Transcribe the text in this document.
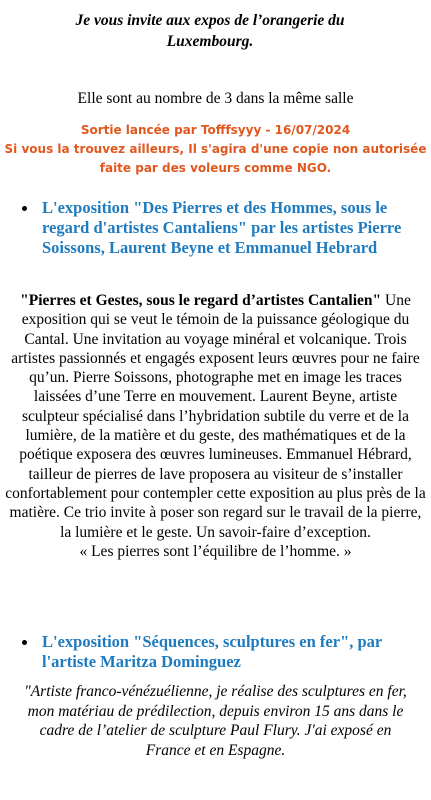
Je vous invite aux expos de l’orangerie du Luxembourg.

Elle sont au nombre de 3 dans la même salle

Sortie lancée par Tofffsyyy - 16/07/2024
Si vous la trouvez ailleurs, Il s'agira d'une copie non autorisée faite par des voleurs comme NGO.
L'exposition "Des Pierres et des Hommes, sous le regard d'artistes Cantaliens" par les artistes Pierre Soissons, Laurent Beyne et Emmanuel Hebrard
"Pierres et Gestes, sous le regard d’artistes Cantalien" Une exposition qui se veut le témoin de la puissance géologique du Cantal. Une invitation au voyage minéral et volcanique. Trois artistes passionnés et engagés exposent leurs œuvres pour ne faire qu’un. Pierre Soissons, photographe met en image les traces laissées d’une Terre en mouvement. Laurent Beyne, artiste sculpteur spécialisé dans l’hybridation subtile du verre et de la lumière, de la matière et du geste, des mathématiques et de la poétique exposera des œuvres lumineuses. Emmanuel Hébrard, tailleur de pierres de lave proposera au visiteur de s’installer confortablement pour contempler cette exposition au plus près de la matière. Ce trio invite à poser son regard sur le travail de la pierre, la lumière et le geste. Un savoir-faire d’exception.
« Les pierres sont l’équilibre de l’homme. »
L'exposition "Séquences, sculptures en fer", par l'artiste Maritza Dominguez

"Artiste franco-vénézuélienne, je réalise des sculptures en fer, mon matériau de prédilection, depuis environ 15 ans dans le cadre de l’atelier de sculpture Paul Flury. J'ai exposé en France et en Espagne.
